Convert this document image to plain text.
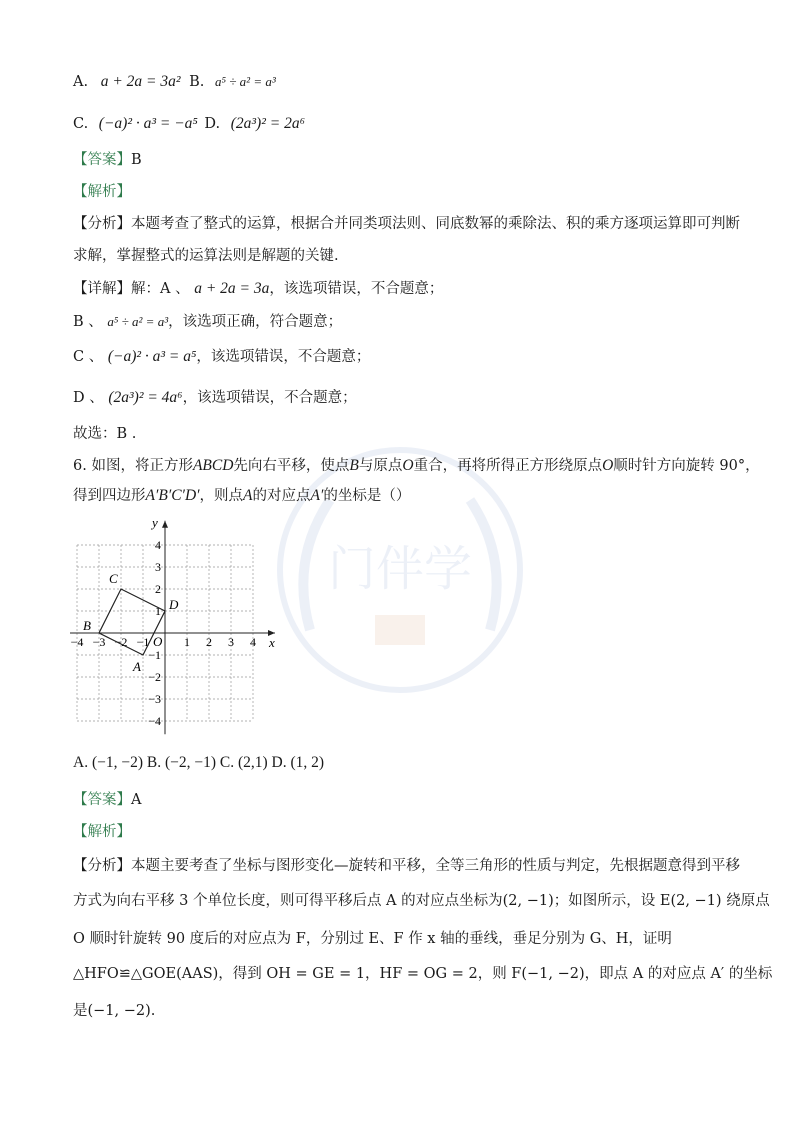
门伴学
A. a + 2a = 3a² B. a⁵ ÷ a² = a³
C. (−a)² · a³ = −a⁵ D. (2a³)² = 2a⁶
【答案】B
【解析】
【分析】本题考查了整式的运算，根据合并同类项法则、同底数幂的乘除法、积的乘方逐项运算即可判断
求解，掌握整式的运算法则是解题的关键.
【详解】解：A 、 a + 2a = 3a，该选项错误，不合题意；
B 、 a⁵ ÷ a² = a³，该选项正确，符合题意；
C 、 (−a)² · a³ = a⁵，该选项错误，不合题意；
D 、 (2a³)² = 4a⁶，该选项错误，不合题意；
故选：B .
6. 如图，将正方形ABCD先向右平移，使点B与原点O重合，再将所得正方形绕原点O顺时针方向旋转 90°，
得到四边形A′B′C′D′，则点A的对应点A′的坐标是（）
x
y
O
−4 −3 −2 −1	1 2 3 4
4
3
2
1
−1
−2
−3
−4
A
B
C
D
A. (−1, −2) B. (−2, −1) C. (2,1) D. (1, 2)
【答案】A
【解析】
【分析】本题主要考查了坐标与图形变化—旋转和平移，全等三角形的性质与判定，先根据题意得到平移
方式为向右平移 3 个单位长度，则可得平移后点 A 的对应点坐标为(2, −1)；如图所示，设 E(2, −1) 绕原点
O 顺时针旋转 90 度后的对应点为 F，分别过 E、F 作 x 轴的垂线，垂足分别为 G、H，证明
△HFO≌△GOE(AAS)，得到 OH = GE = 1，HF = OG = 2，则 F(−1, −2)，即点 A 的对应点 A′ 的坐标
是(−1, −2).
